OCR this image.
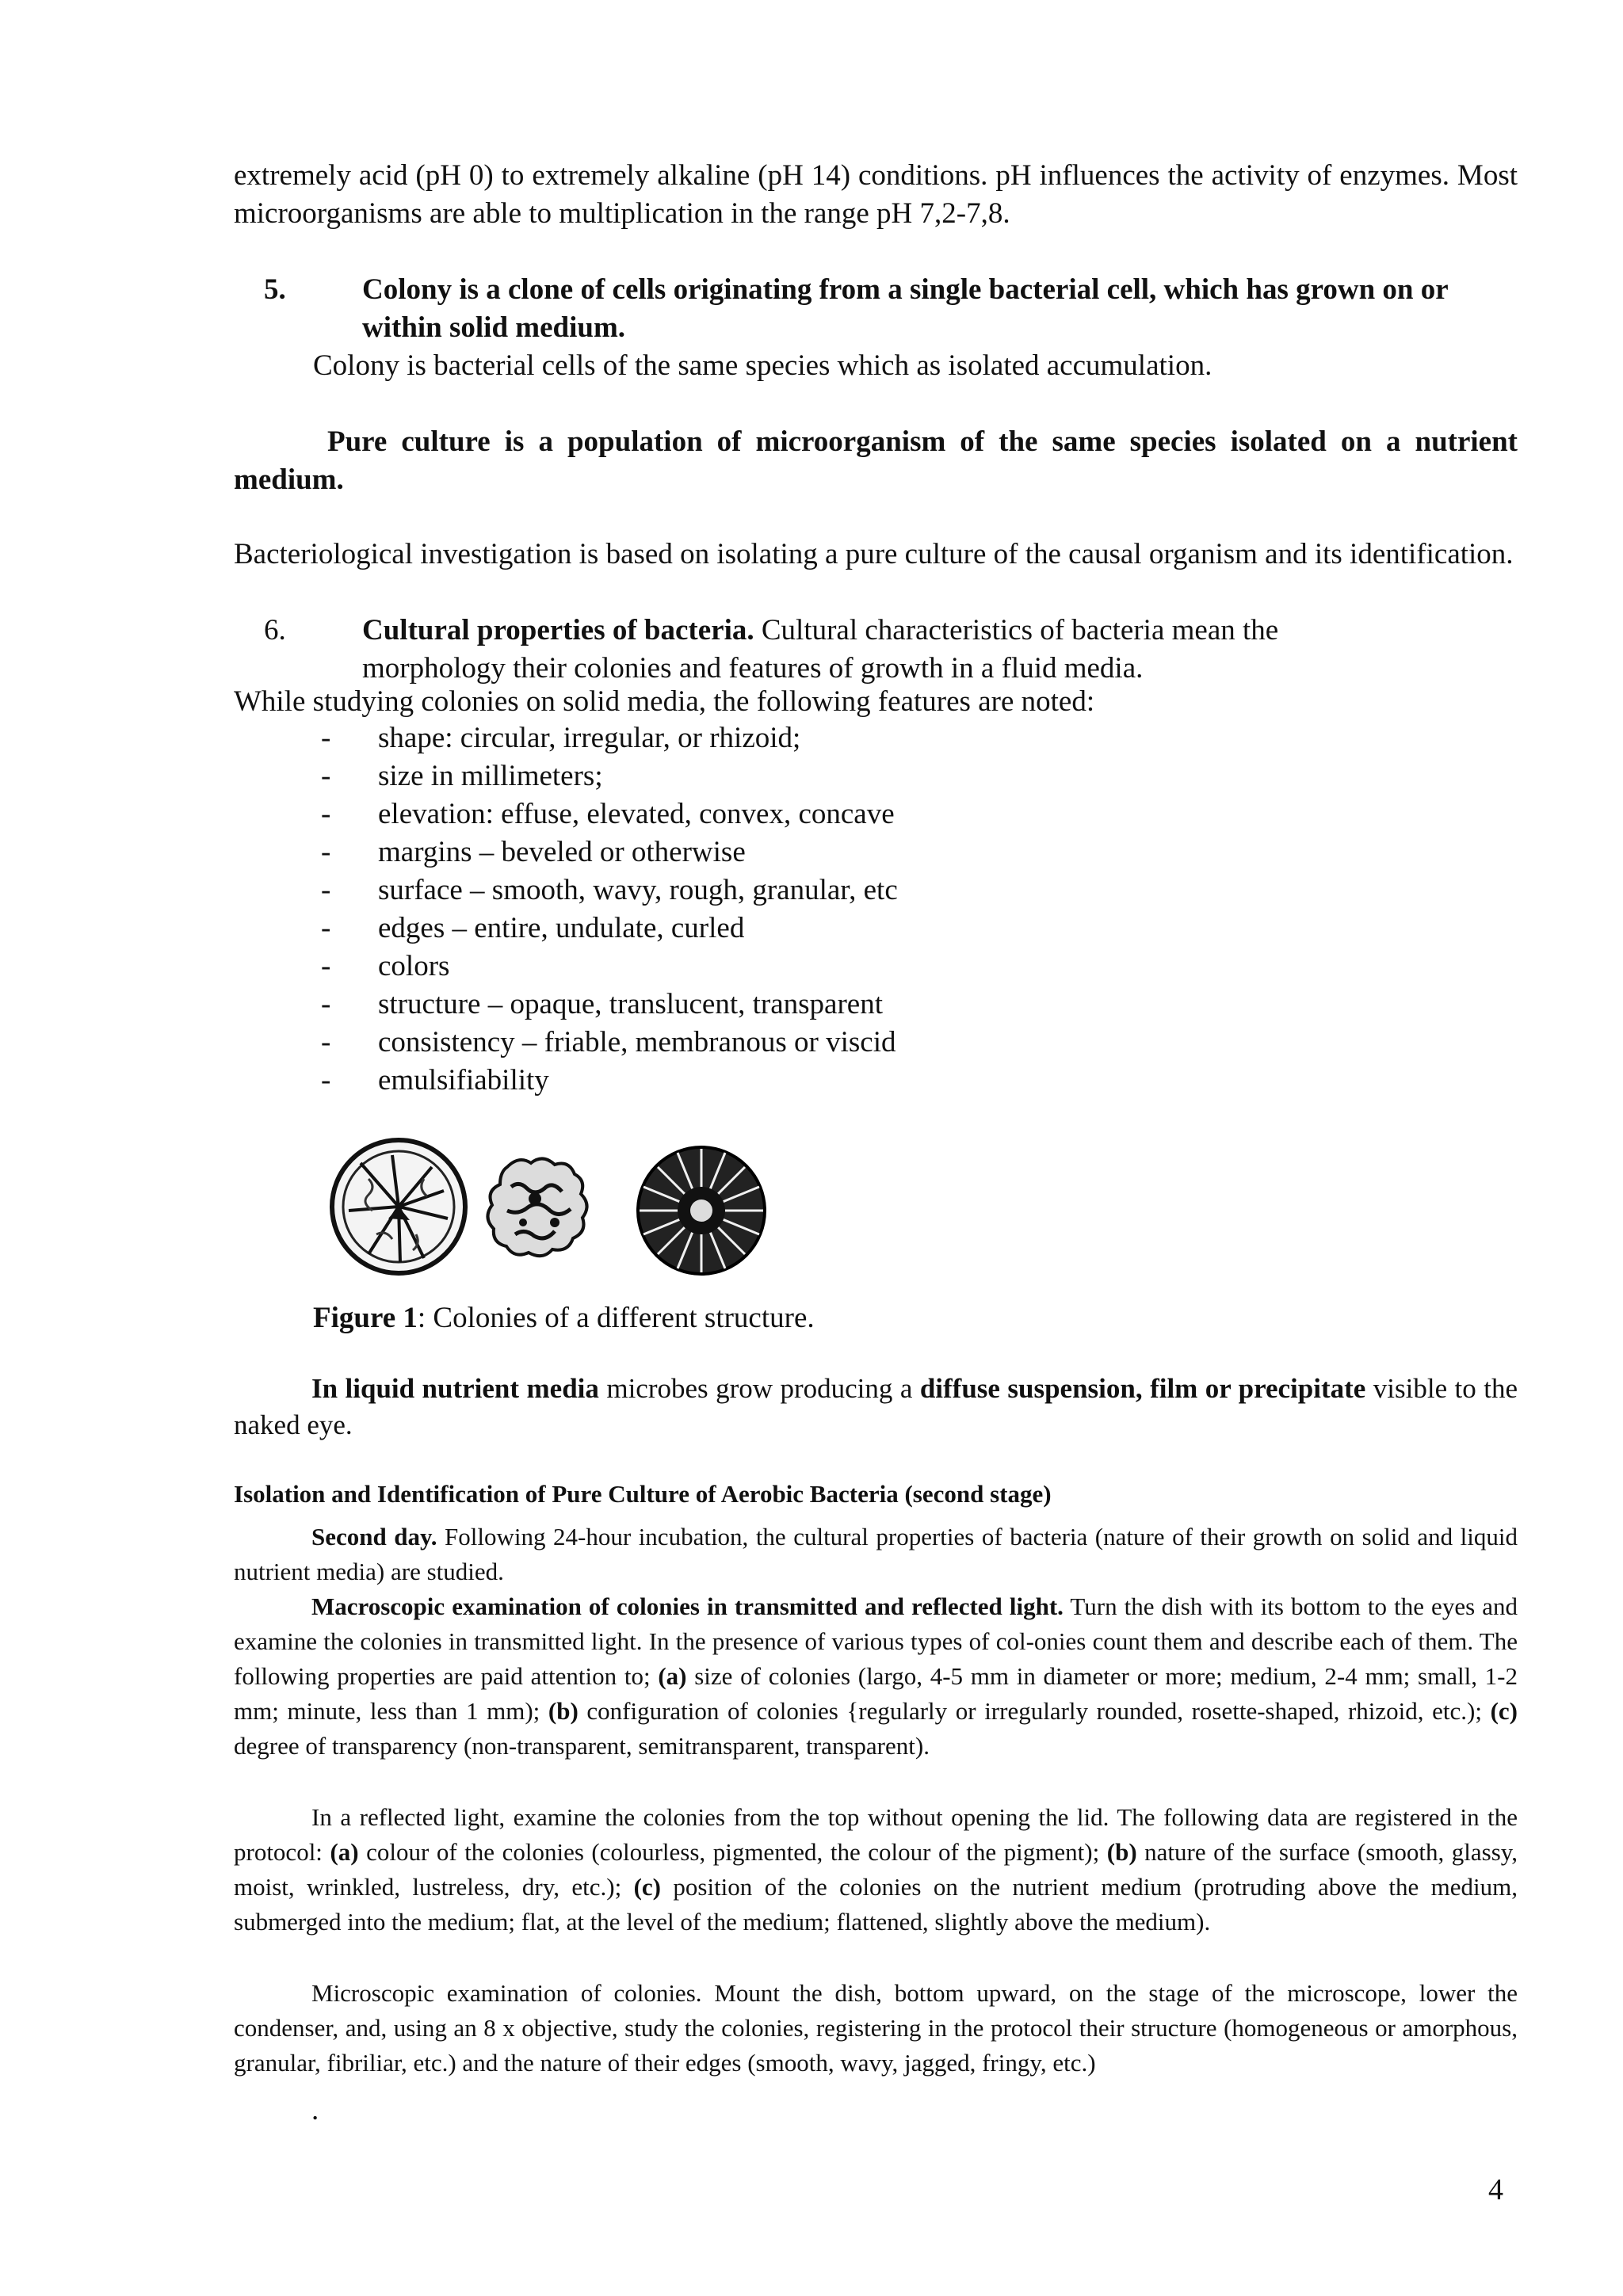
extremely acid (pH 0) to extremely alkaline (pH 14) conditions. pH influences the activity of enzymes. Most microorganisms are able to multiplication in the range pH 7,2-7,8.

5.	Colony is a clone of cells originating from a single bacterial cell, which has grown on or within solid medium.
Colony is bacterial cells of the same species which as isolated accumulation.

Pure culture is a population of microorganism of the same species isolated on a nutrient medium.

Bacteriological investigation is based on isolating a pure culture of the causal organism and its identification.

6.	Cultural properties of bacteria. Cultural characteristics of bacteria mean the morphology their colonies and features of growth in a fluid media.

While studying colonies on solid media, the following features are noted:

- shape: circular, irregular, or rhizoid;
- size in millimeters;
- elevation: effuse, elevated, convex, concave
- margins – beveled or otherwise
- surface – smooth, wavy, rough, granular, etc
- edges – entire, undulate, curled
- colors
- structure – opaque, translucent, transparent
- consistency – friable, membranous or viscid
- emulsifiability

Figure 1: Colonies of a different structure.

In liquid nutrient media microbes grow producing a diffuse suspension, film or precipitate visible to the naked eye.

Isolation and Identification of Pure Culture of Aerobic Bacteria (second stage)

Second day. Following 24-hour incubation, the cultural properties of bacteria (nature of their growth on solid and liquid nutrient media) are studied.

Macroscopic examination of colonies in transmitted and reflected light. Turn the dish with its bottom to the eyes and examine the colonies in transmitted light. In the presence of various types of col-onies count them and describe each of them. The following properties are paid attention to; (a) size of colonies (largo, 4-5 mm in diameter or more; medium, 2-4 mm; small, 1-2 mm; minute, less than 1 mm); (b) configuration of colonies {regularly or irregularly rounded, rosette-shaped, rhizoid, etc.); (c) degree of transparency (non-transparent, semitransparent, transparent).

In a reflected light, examine the colonies from the top without opening the lid. The following data are registered in the protocol: (a) colour of the colonies (colourless, pigmented, the colour of the pigment); (b) nature of the surface (smooth, glassy, moist, wrinkled, lustreless, dry, etc.); (c) position of the colonies on the nutrient medium (protruding above the medium, submerged into the medium; flat, at the level of the medium; flattened, slightly above the medium).

Microscopic examination of colonies. Mount the dish, bottom upward, on the stage of the microscope, lower the condenser, and, using an 8 x objective, study the colonies, registering in the protocol their structure (homogeneous or amorphous, granular, fibriliar, etc.) and the nature of their edges (smooth, wavy, jagged, fringy, etc.)

.
4
